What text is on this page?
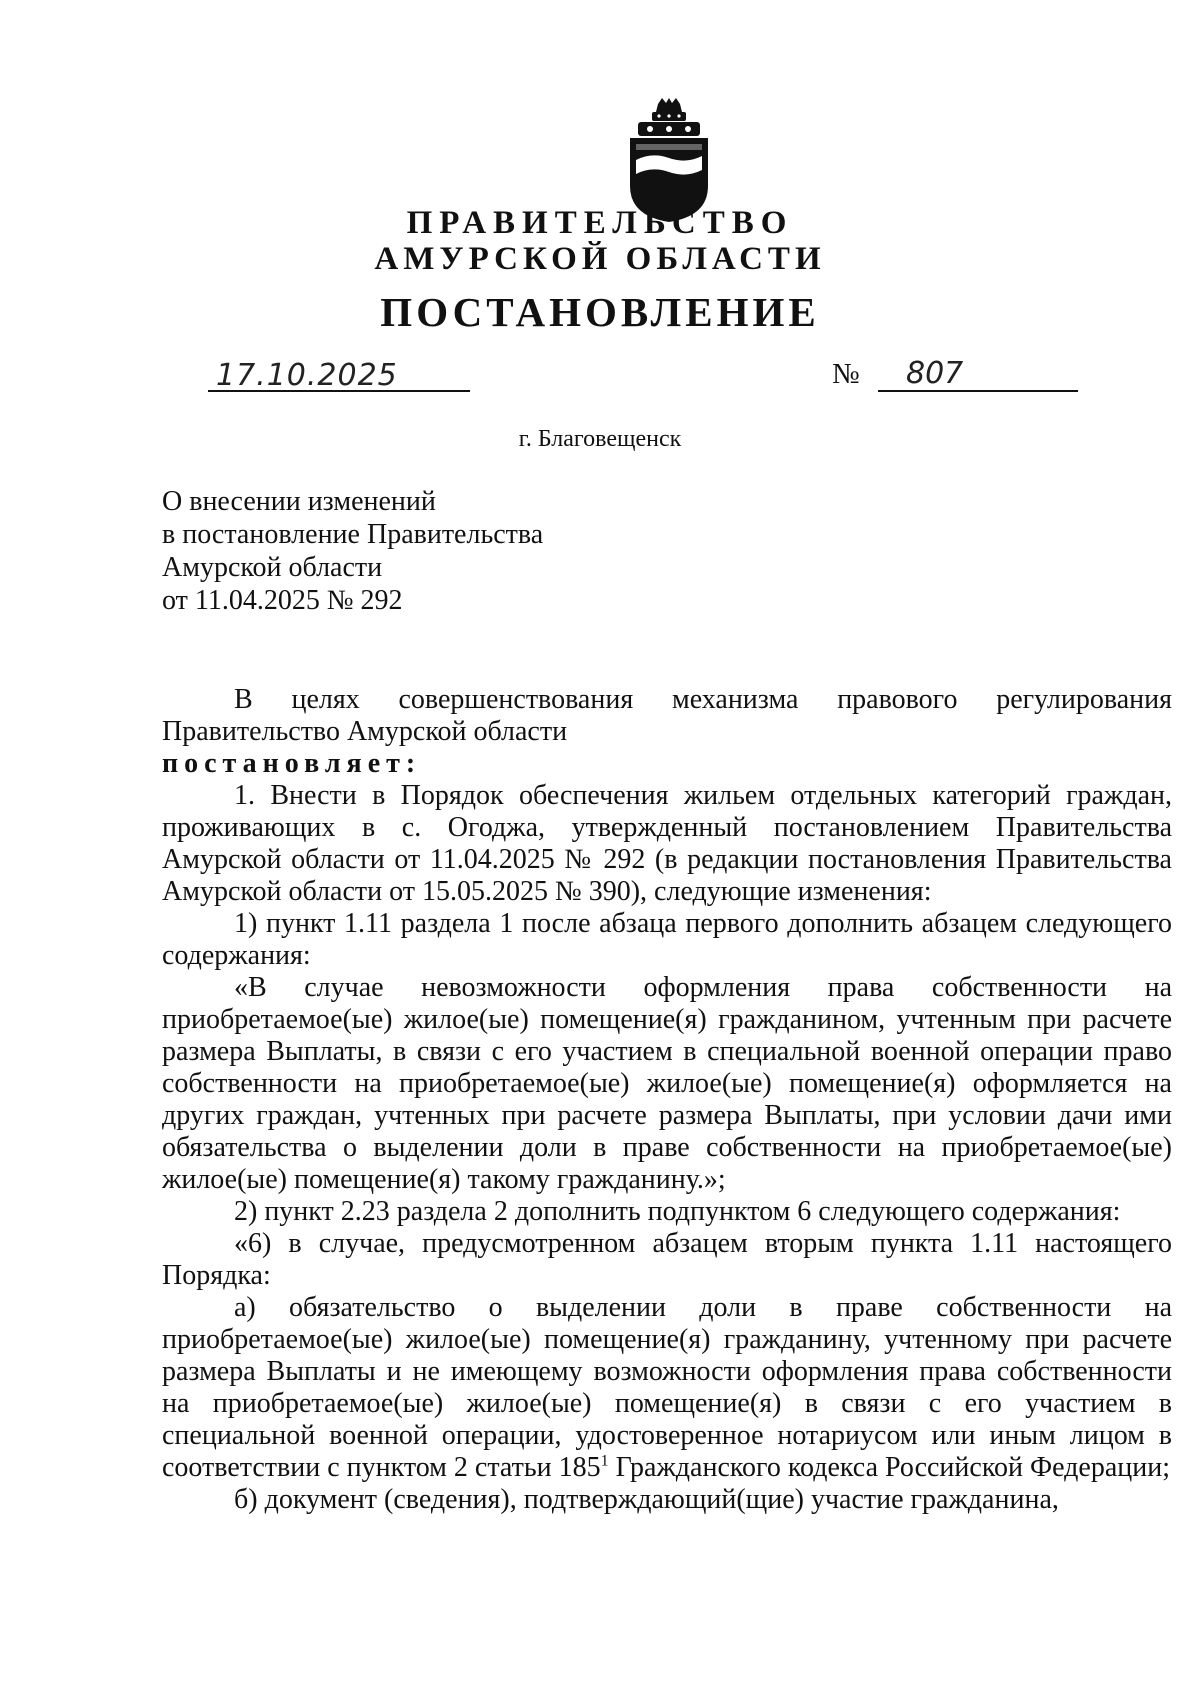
ПРАВИТЕЛЬСТВО
АМУРСКОЙ ОБЛАСТИ
ПОСТАНОВЛЕНИЕ
17.10.2025	№ 807
г. Благовещенск
О внесении изменений
в постановление Правительства
Амурской области
от 11.04.2025 № 292

В целях совершенствования механизма правового регулирования Правительство Амурской области

постановляет:

1. Внести в Порядок обеспечения жильем отдельных категорий граждан, проживающих в с. Огоджа, утвержденный постановлением Правительства Амурской области от 11.04.2025 № 292 (в редакции постановления Правительства Амурской области от 15.05.2025 № 390), следующие изменения:

1) пункт 1.11 раздела 1 после абзаца первого дополнить абзацем следующего содержания:

«В случае невозможности оформления права собственности на приобретаемое(ые) жилое(ые) помещение(я) гражданином, учтенным при расчете размера Выплаты, в связи с его участием в специальной военной операции право собственности на приобретаемое(ые) жилое(ые) помещение(я) оформляется на других граждан, учтенных при расчете размера Выплаты, при условии дачи ими обязательства о выделении доли в праве собственности на приобретаемое(ые) жилое(ые) помещение(я) такому гражданину.»;

2) пункт 2.23 раздела 2 дополнить подпунктом 6 следующего содержания:

«6) в случае, предусмотренном абзацем вторым пункта 1.11 настоящего Порядка:

а) обязательство о выделении доли в праве собственности на приобретаемое(ые) жилое(ые) помещение(я) гражданину, учтенному при расчете размера Выплаты и не имеющему возможности оформления права собственности на приобретаемое(ые) жилое(ые) помещение(я) в связи с его участием в специальной военной операции, удостоверенное нотариусом или иным лицом в соответствии с пунктом 2 статьи $185^1$ Гражданского кодекса Российской Федерации;

б) документ (сведения), подтверждающий(щие) участие гражданина,
